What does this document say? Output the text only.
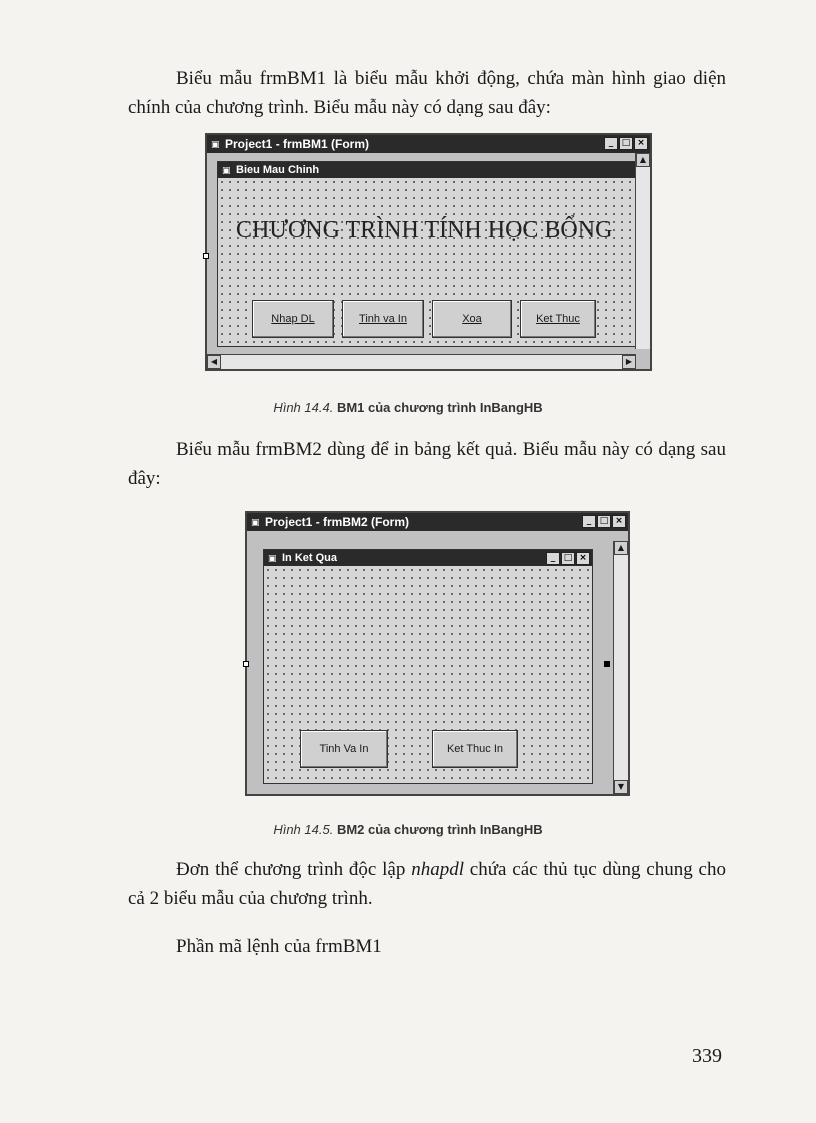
Biểu mẫu frmBM1 là biểu mẫu khởi động, chứa màn hình giao diện chính của chương trình. Biểu mẫu này có dạng sau đây:
▣ Project1 - frmBM1 (Form)	_ □ ×
▣ Bieu Mau Chinh
CHƯƠNG TRÌNH TÍNH HỌC BỔNG
Nhap DL	Tinh va In	Xoa	Ket Thuc
▲
◀	▶
Hình 14.4. BM1 của chương trình InBangHB
Biểu mẫu frmBM2 dùng để in bảng kết quả. Biểu mẫu này có dạng sau đây:
▣ Project1 - frmBM2 (Form)	_ □ ×
▣ In Ket Qua	_ □ ×
Tinh Va In	Ket Thuc In
▲
▼
Hình 14.5. BM2 của chương trình InBangHB
Đơn thể chương trình độc lập nhapdl chứa các thủ tục dùng chung cho cả 2 biểu mẫu của chương trình.
Phần mã lệnh của frmBM1
339
